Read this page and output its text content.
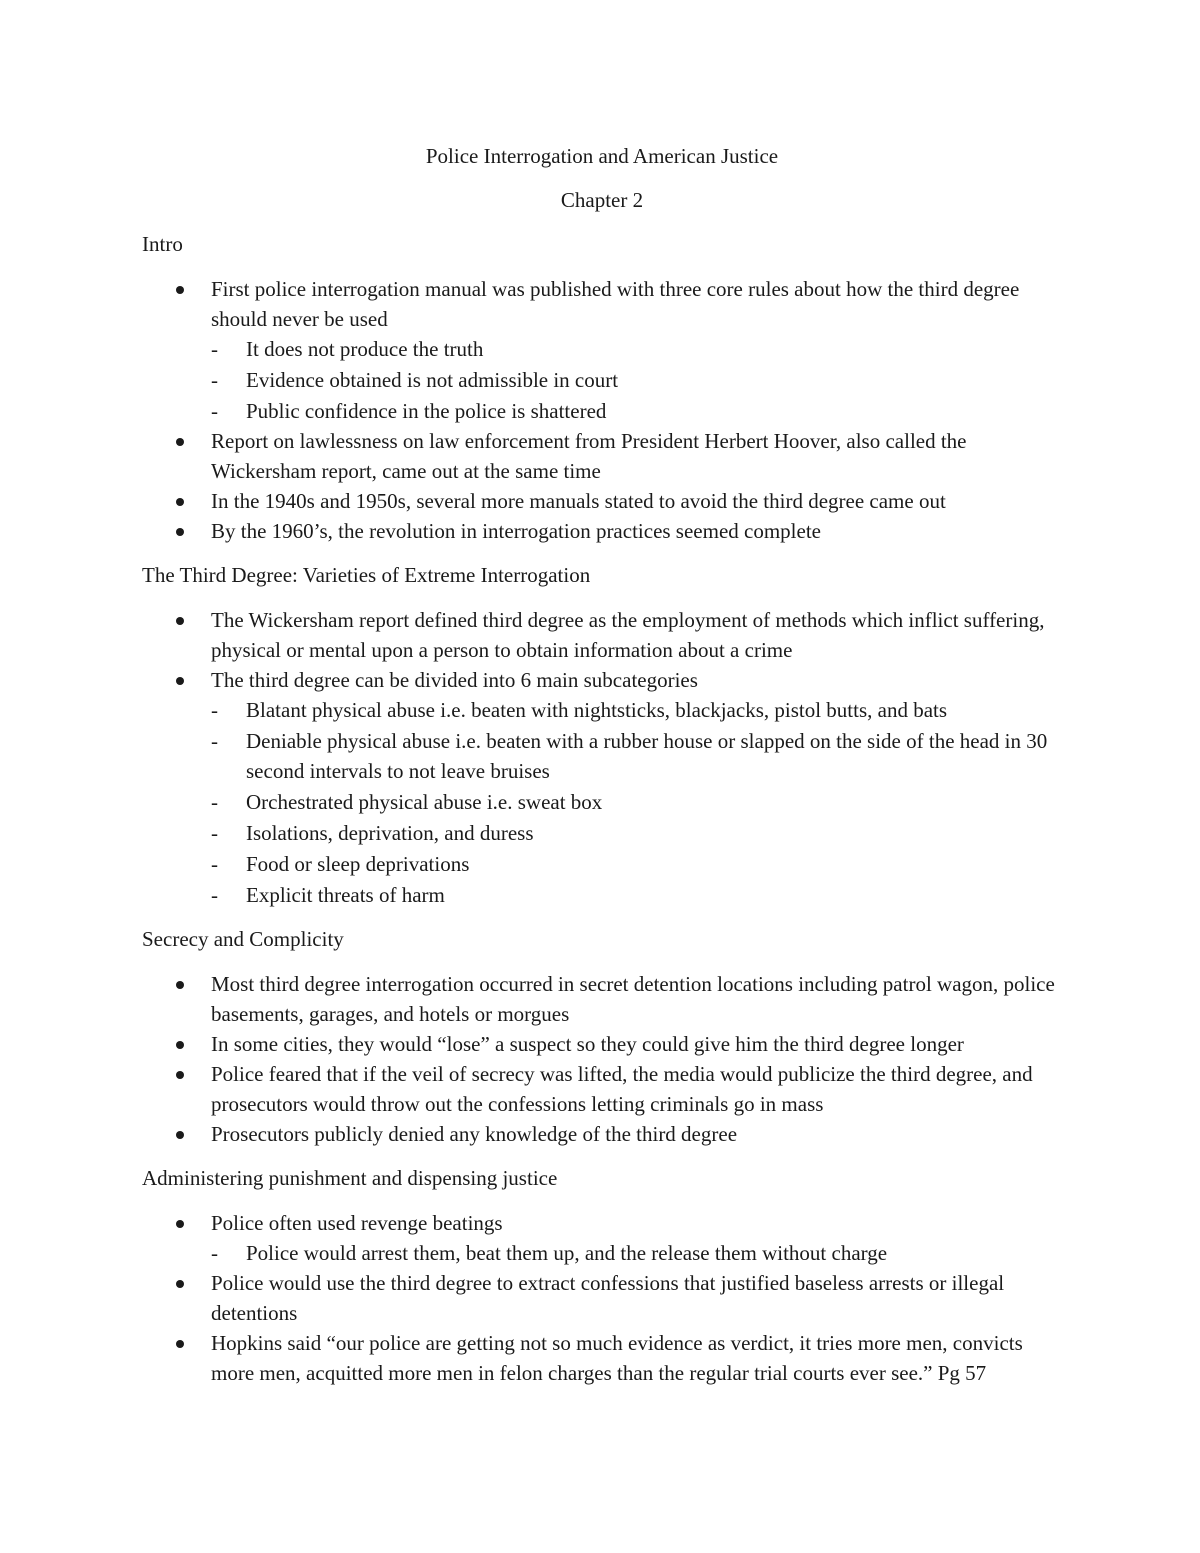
Police Interrogation and American Justice

Chapter 2

Intro

First police interrogation manual was published with three core rules about how the third degree should never be used
- It does not produce the truth
- Evidence obtained is not admissible in court
- Public confidence in the police is shattered
Report on lawlessness on law enforcement from President Herbert Hoover, also called the Wickersham report, came out at the same time
In the 1940s and 1950s, several more manuals stated to avoid the third degree came out
By the 1960’s, the revolution in interrogation practices seemed complete

The Third Degree: Varieties of Extreme Interrogation

The Wickersham report defined third degree as the employment of methods which inflict suffering, physical or mental upon a person to obtain information about a crime
The third degree can be divided into 6 main subcategories
- Blatant physical abuse i.e. beaten with nightsticks, blackjacks, pistol butts, and bats
- Deniable physical abuse i.e. beaten with a rubber house or slapped on the side of the head in 30 second intervals to not leave bruises
- Orchestrated physical abuse i.e. sweat box
- Isolations, deprivation, and duress
- Food or sleep deprivations
- Explicit threats of harm

Secrecy and Complicity

Most third degree interrogation occurred in secret detention locations including patrol wagon, police basements, garages, and hotels or morgues
In some cities, they would “lose” a suspect so they could give him the third degree longer
Police feared that if the veil of secrecy was lifted, the media would publicize the third degree, and prosecutors would throw out the confessions letting criminals go in mass
Prosecutors publicly denied any knowledge of the third degree

Administering punishment and dispensing justice

Police often used revenge beatings
- Police would arrest them, beat them up, and the release them without charge
Police would use the third degree to extract confessions that justified baseless arrests or illegal detentions
Hopkins said “our police are getting not so much evidence as verdict, it tries more men, convicts more men, acquitted more men in felon charges than the regular trial courts ever see.” Pg 57
